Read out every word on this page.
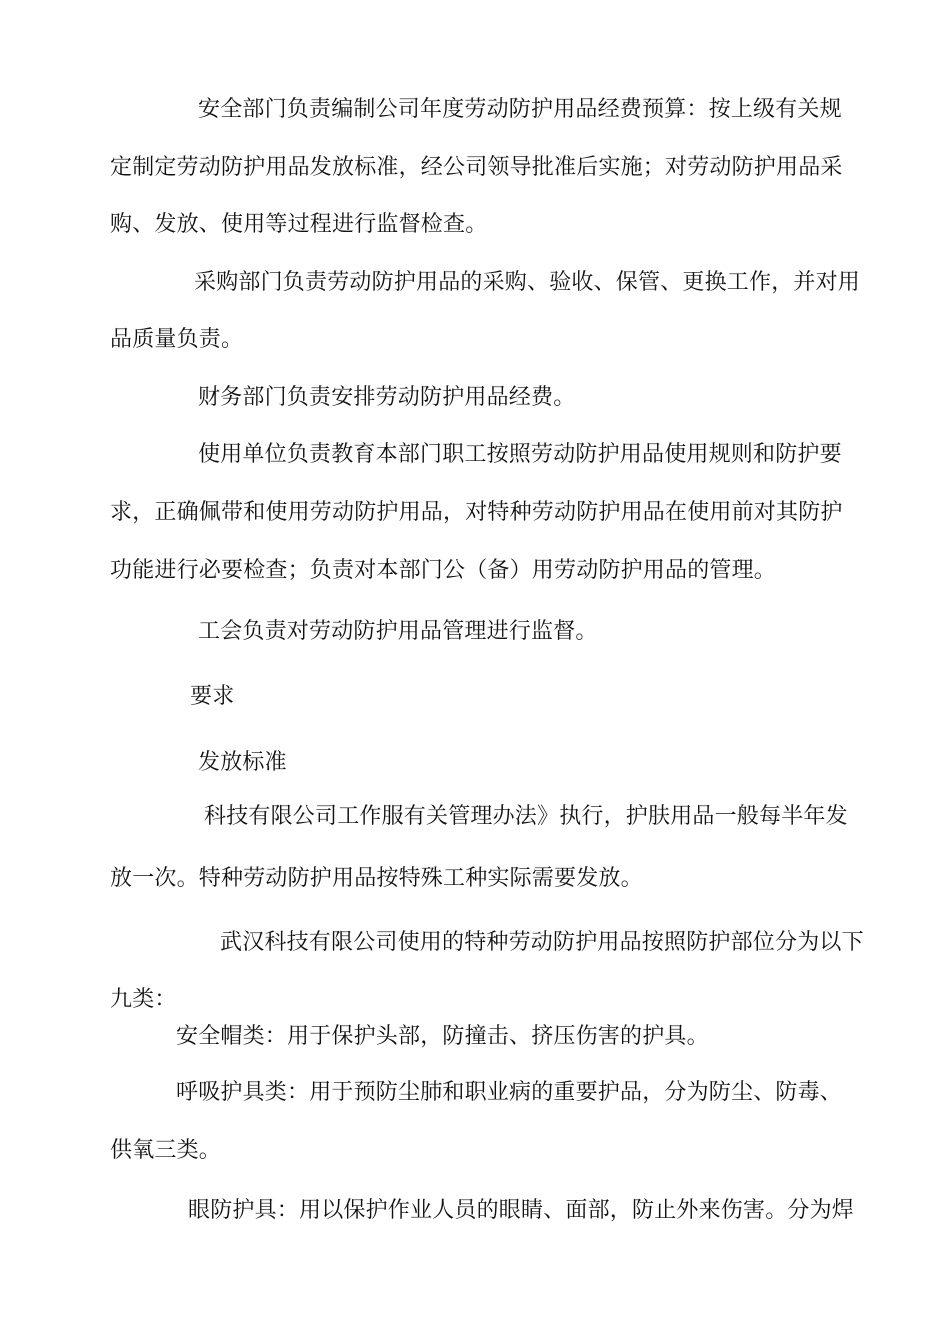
安全部门负责编制公司年度劳动防护用品经费预算：按上级有关规
定制定劳动防护用品发放标准，经公司领导批准后实施；对劳动防护用品采
购、发放、使用等过程进行监督检查。
采购部门负责劳动防护用品的采购、验收、保管、更换工作，并对用
品质量负责。
财务部门负责安排劳动防护用品经费。
使用单位负责教育本部门职工按照劳动防护用品使用规则和防护要
求，正确佩带和使用劳动防护用品，对特种劳动防护用品在使用前对其防护
功能进行必要检查；负责对本部门公（备）用劳动防护用品的管理。
工会负责对劳动防护用品管理进行监督。
要求
发放标准
科技有限公司工作服有关管理办法》执行，护肤用品一般每半年发
放一次。特种劳动防护用品按特殊工种实际需要发放。
武汉科技有限公司使用的特种劳动防护用品按照防护部位分为以下
九类：
安全帽类：用于保护头部，防撞击、挤压伤害的护具。
呼吸护具类：用于预防尘肺和职业病的重要护品，分为防尘、防毒、
供氧三类。
眼防护具：用以保护作业人员的眼睛、面部，防止外来伤害。分为焊
